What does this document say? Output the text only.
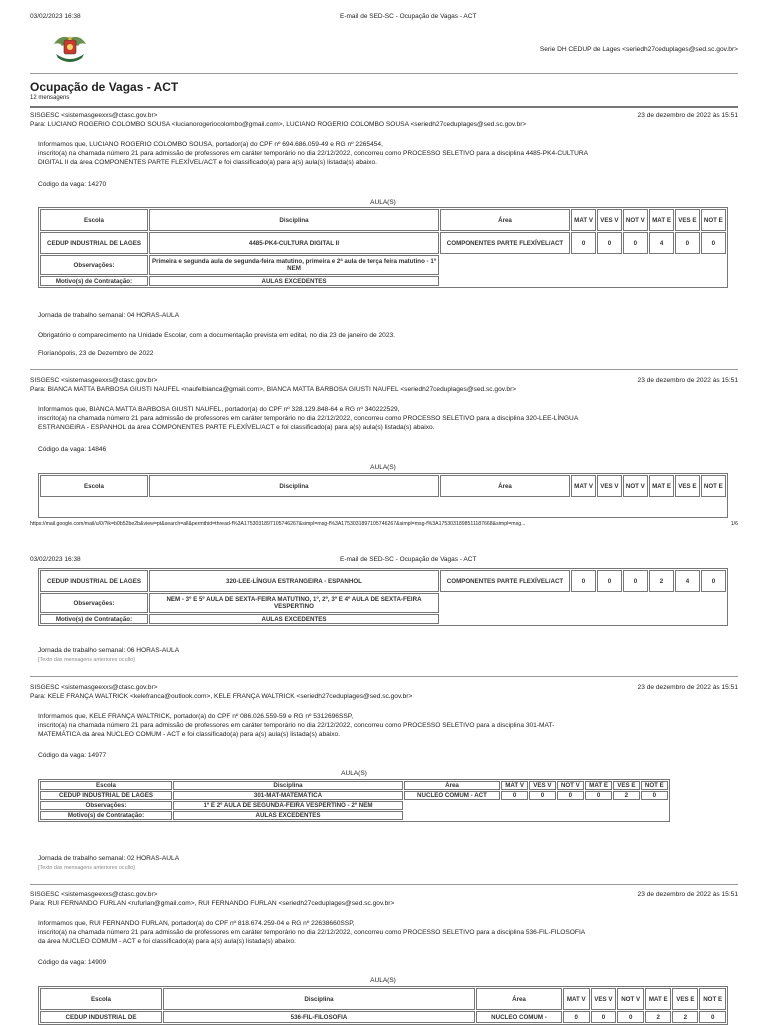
03/02/2023 16:38	E-mail de SED-SC - Ocupação de Vagas - ACT
Serie DH CEDUP de Lages <seriedh27ceduplages@sed.sc.gov.br>
Ocupação de Vagas - ACT
12 mensagens
SISGESC <sistemasgeexxs@ctasc.gov.br>	23 de dezembro de 2022 às 15:51
Para: LUCIANO ROGERIO COLOMBO SOUSA <lucianorogeriocolombo@gmail.com>, LUCIANO ROGERIO COLOMBO SOUSA <seriedh27ceduplages@sed.sc.gov.br>
Informamos que, LUCIANO ROGERIO COLOMBO SOUSA, portador(a) do CPF nº 694.686.059-49 e RG nº 2265454,
inscrito(a) na chamada número 21 para admissão de professores em caráter temporário no dia 22/12/2022, concorreu como PROCESSO SELETIVO para a disciplina 4485-PK4-CULTURA
DIGITAL II da área COMPONENTES PARTE FLEXÍVEL/ACT e foi classificado(a) para a(s) aula(s) listada(s) abaixo.
Código da vaga: 14270
AULA(S)
Escola	Disciplina	Área	MAT V	VES V	NOT V	MAT E	VES E	NOT E
CEDUP INDUSTRIAL DE LAGES	4485-PK4-CULTURA DIGITAL II	COMPONENTES PARTE FLEXÍVEL/ACT	0	0	0	4	0	0
Observações:	Primeira e segunda aula de segunda-feira matutino, primeira e 2ª aula de terça feira matutino - 1º NEM							
Motivo(s) de Contratação:	AULAS EXCEDENTES							
Jornada de trabalho semanal: 04 HORAS-AULA
Obrigatório o comparecimento na Unidade Escolar, com a documentação prevista em edital, no dia 23 de janeiro de 2023.
Florianópolis, 23 de Dezembro de 2022
SISGESC <sistemasgeexxs@ctasc.gov.br>	23 de dezembro de 2022 às 15:51
Para: BIANCA MATTA BARBOSA GIUSTI NAUFEL <naufelbianca@gmail.com>, BIANCA MATTA BARBOSA GIUSTI NAUFEL <seriedh27ceduplages@sed.sc.gov.br>
Informamos que, BIANCA MATTA BARBOSA GIUSTI NAUFEL, portador(a) do CPF nº 328.129.848-64 e RG nº 340222529,
inscrito(a) na chamada número 21 para admissão de professores em caráter temporário no dia 22/12/2022, concorreu como PROCESSO SELETIVO para a disciplina 320-LEE-LÍNGUA
ESTRANGEIRA - ESPANHOL da área COMPONENTES PARTE FLEXÍVEL/ACT e foi classificado(a) para a(s) aula(s) listada(s) abaixo.
Código da vaga: 14846
AULA(S)
Escola	Disciplina	Área	MAT V	VES V	NOT V	MAT E	VES E	NOT E

https://mail.google.com/mail/u/0/?ik=b0b52be2b&view=pt&search=all&permthid=thread-f%3A1753031897105746267&simpl=msg-f%3A1753031897105746267&simpl=msg-f%3A1753031898511187668&simpl=msg...	1/6
03/02/2023 16:38	E-mail de SED-SC - Ocupação de Vagas - ACT
CEDUP INDUSTRIAL DE LAGES	320-LEE-LÍNGUA ESTRANGEIRA - ESPANHOL	COMPONENTES PARTE FLEXÍVEL/ACT	0	0	0	2	4	0
Observações:	NEM - 3º E 5º AULA DE SEXTA-FEIRA MATUTINO, 1º, 2º, 3º E 4º AULA DE SEXTA-FEIRA VESPERTINO							
Motivo(s) de Contratação:	AULAS EXCEDENTES							
Jornada de trabalho semanal: 06 HORAS-AULA
[Texto das mensagens anteriores oculto]
SISGESC <sistemasgeexxs@ctasc.gov.br>	23 de dezembro de 2022 às 15:51
Para: KELE FRANÇA WALTRICK <kelefranca@outlook.com>, KELE FRANÇA WALTRICK <seriedh27ceduplages@sed.sc.gov.br>
Informamos que, KELE FRANÇA WALTRICK, portador(a) do CPF nº 086.026.559-59 e RG nº 5312696SSP,
inscrito(a) na chamada número 21 para admissão de professores em caráter temporário no dia 22/12/2022, concorreu como PROCESSO SELETIVO para a disciplina 301-MAT-
MATEMÁTICA da área NUCLEO COMUM - ACT e foi classificado(a) para a(s) aula(s) listada(s) abaixo.
Código da vaga: 14977
AULA(S)
Escola	Disciplina	Área	MAT V	VES V	NOT V	MAT E	VES E	NOT E
CEDUP INDUSTRIAL DE LAGES	301-MAT-MATEMÁTICA	NUCLEO COMUM - ACT	0	0	0	0	2	0
Observações:	1º E 2º AULA DE SEGUNDA-FEIRA VESPERTINO - 2º NEM							
Motivo(s) de Contratação:	AULAS EXCEDENTES							
Jornada de trabalho semanal: 02 HORAS-AULA
[Texto das mensagens anteriores oculto]
SISGESC <sistemasgeexxs@ctasc.gov.br>	23 de dezembro de 2022 às 15:51
Para: RUI FERNANDO FURLAN <rufurlan@gmail.com>, RUI FERNANDO FURLAN <seriedh27ceduplages@sed.sc.gov.br>
Informamos que, RUI FERNANDO FURLAN, portador(a) do CPF nº 818.674.259-04 e RG nº 22638660SSP,
inscrito(a) na chamada número 21 para admissão de professores em caráter temporário no dia 22/12/2022, concorreu como PROCESSO SELETIVO para a disciplina 536-FIL-FILOSOFIA
da área NUCLEO COMUM - ACT e foi classificado(a) para a(s) aula(s) listada(s) abaixo.
Código da vaga: 14909
AULA(S)
Escola	Disciplina	Área	MAT V	VES V	NOT V	MAT E	VES E	NOT E
CEDUP INDUSTRIAL DE	536-FIL-FILOSOFIA	NUCLEO COMUM -	0	0	0	2	2	0
